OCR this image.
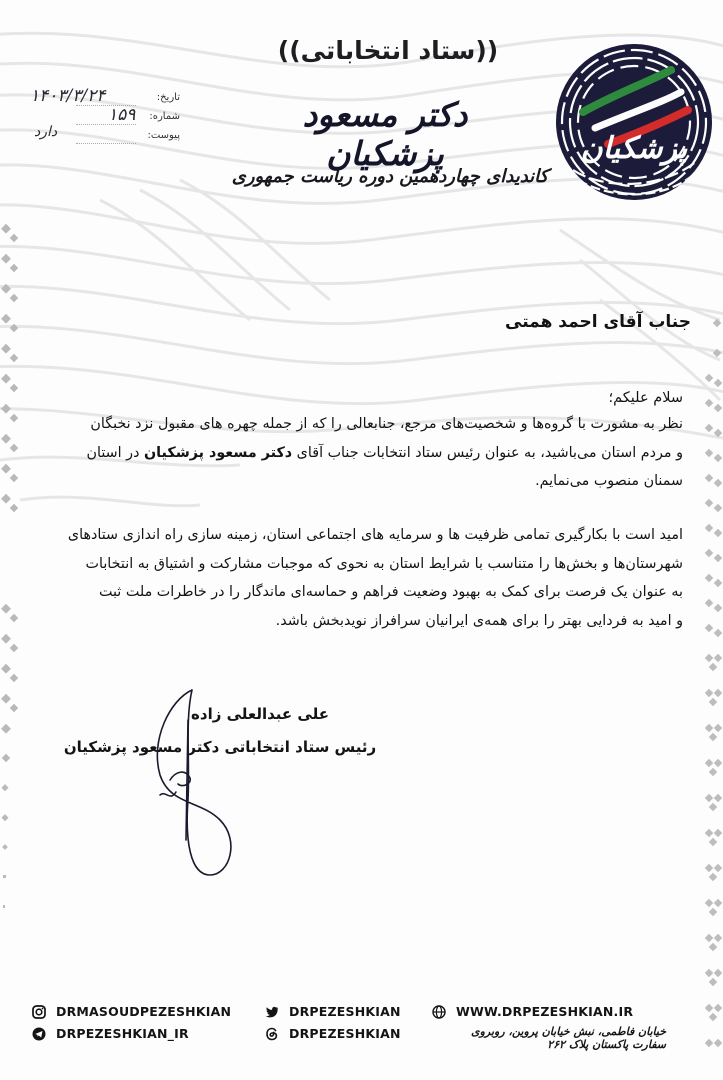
((ستاد انتخاباتی))
دکتر مسعود پزشکیان
کاندیدای چهاردهمین دوره ریاست جمهوری
پزشکیان
تاریخ:
۱۴۰۳/۳/۲۴
شماره:
۱۵۹
پیوست:
دارد
جناب آقای احمد همتی
سلام علیکم؛
نظر به مشورت با گروه‌ها و شخصیت‌های مرجع، جنابعالی را که از جمله چهره های مقبول نزد نخبگان
و مردم استان می‌باشید، به عنوان رئیس ستاد انتخابات جناب آقای دکتر مسعود پزشکیان در استان
سمنان منصوب می‌نمایم.
امید است با بکارگیری تمامی ظرفیت ها و سرمایه های اجتماعی استان، زمینه سازی راه اندازی ستادهای
شهرستان‌ها و بخش‌ها را متناسب با شرایط استان به نحوی که موجبات مشارکت و اشتیاق به انتخابات
به عنوان یک فرصت برای کمک به بهبود وضعیت فراهم و حماسه‌ای ماندگار را در خاطرات ملت ثبت
و امید به فردایی بهتر را برای همه‌ی ایرانیان سرافراز نویدبخش باشد.
علی عبدالعلی زاده
رئیس ستاد انتخاباتی دکتر مسعود پزشکیان
DRMASOUDPEZESHKIAN
DRPEZESHKIAN_IR
DRPEZESHKIAN
DRPEZESHKIAN
WWW.DRPEZESHKIAN.IR
خیابان فاطمی، نبش خیابان پروین، روبروی سفارت پاکستان پلاک ۲۶۲
